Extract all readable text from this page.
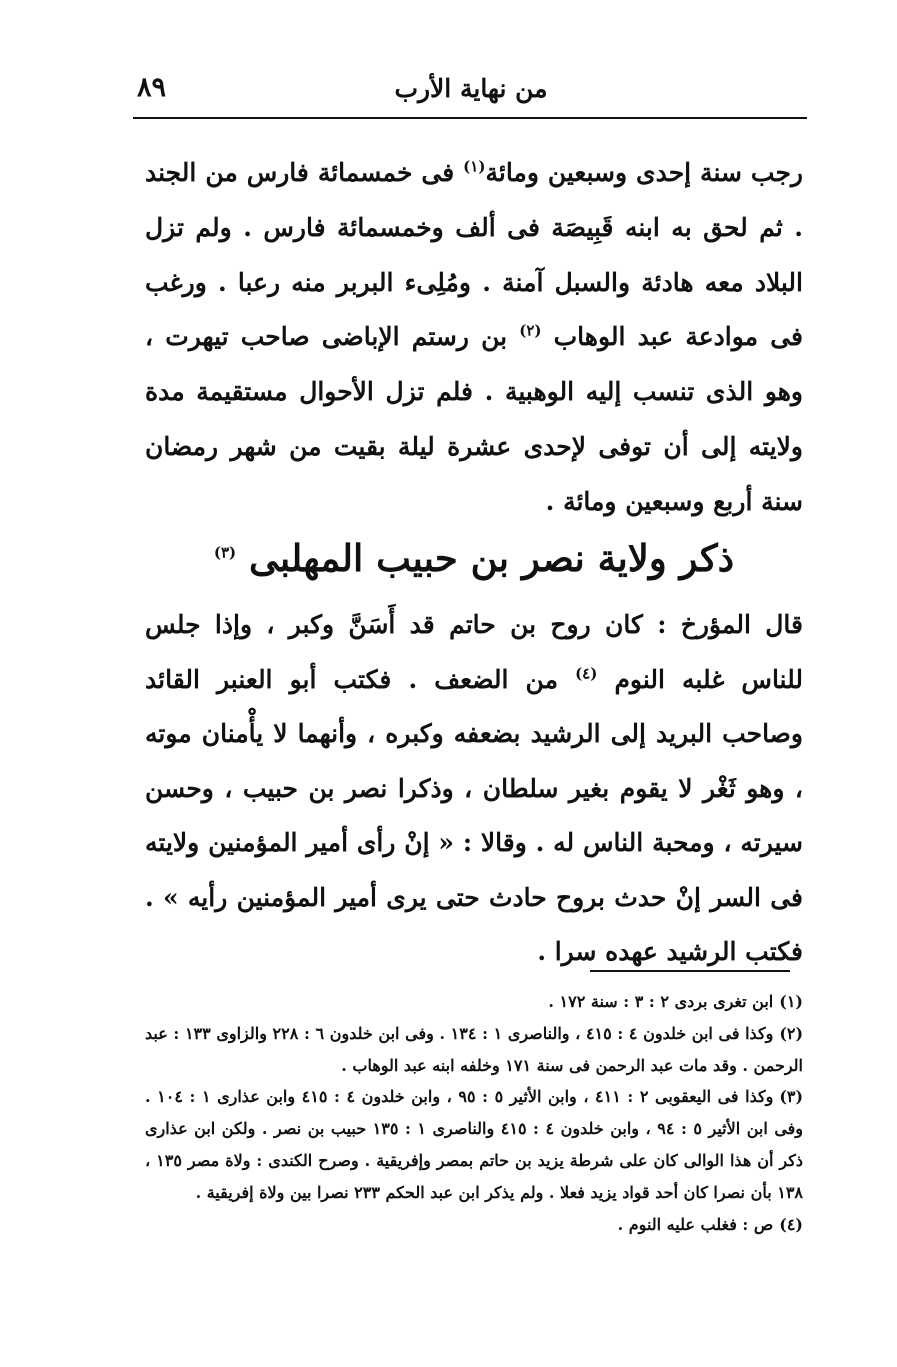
من نهاية الأرب
٨٩
رجب سنة إحدى وسبعين ومائة$^{(١)}$ فى خمسمائة فارس من الجند . ثم لحق به ابنه قَبِيصَة فى ألف وخمسمائة فارس . ولم تزل البلاد معه هادئة والسبل آمنة . ومُلِىء البربر منه رعبا . ورغب فى موادعة عبد الوهاب $^{(٢)}$ بن رستم الإباضى صاحب تيهرت ، وهو الذى تنسب إليه الوهبية . فلم تزل الأحوال مستقيمة مدة ولايته إلى أن توفى لإحدى عشرة ليلة بقيت من شهر رمضان سنة أربع وسبعين ومائة .
ذكر ولاية نصر بن حبيب المهلبى $^{(٣)}$
قال المؤرخ : كان روح بن حاتم قد أَسَنَّ وكبر ، وإذا جلس للناس غلبه النوم $^{(٤)}$ من الضعف . فكتب أبو العنبر القائد وصاحب البريد إلى الرشيد بضعفه وكبره ، وأنهما لا يأْمنان موته ، وهو ثَغْر لا يقوم بغير سلطان ، وذكرا نصر بن حبيب ، وحسن سيرته ، ومحبة الناس له . وقالا : « إنْ رأى أمير المؤمنين ولايته فى السر إنْ حدث بروح حادث حتى يرى أمير المؤمنين رأيه » . فكتب الرشيد عهده سرا .

(١)ابن تغرى بردى ٢ : ٣ : سنة ١٧٢ .

(٢)وكذا فى ابن خلدون ٤ : ٤١٥ ، والناصرى ١ : ١٣٤ . وفى ابن خلدون ٦ : ٢٢٨ والزاوى ١٣٣ : عبد الرحمن . وقد مات عبد الرحمن فى سنة ١٧١ وخلفه ابنه عبد الوهاب .

(٣)وكذا فى اليعقوبى ٢ : ٤١١ ، وابن الأثير ٥ : ٩٥ ، وابن خلدون ٤ : ٤١٥ وابن عذارى ١ : ١٠٤ . وفى ابن الأثير ٥ : ٩٤ ، وابن خلدون ٤ : ٤١٥ والناصرى ١ : ١٣٥ حبيب بن نصر . ولكن ابن عذارى ذكر أن هذا الوالى كان على شرطة يزيد بن حاتم بمصر وإفريقية . وصرح الكندى : ولاة مصر ١٣٥ ، ١٣٨ بأن نصرا كان أحد قواد يزيد فعلا . ولم يذكر ابن عبد الحكم ٢٣٣ نصرا بين ولاة إفريقية .

(٤)ص : فغلب عليه النوم .
